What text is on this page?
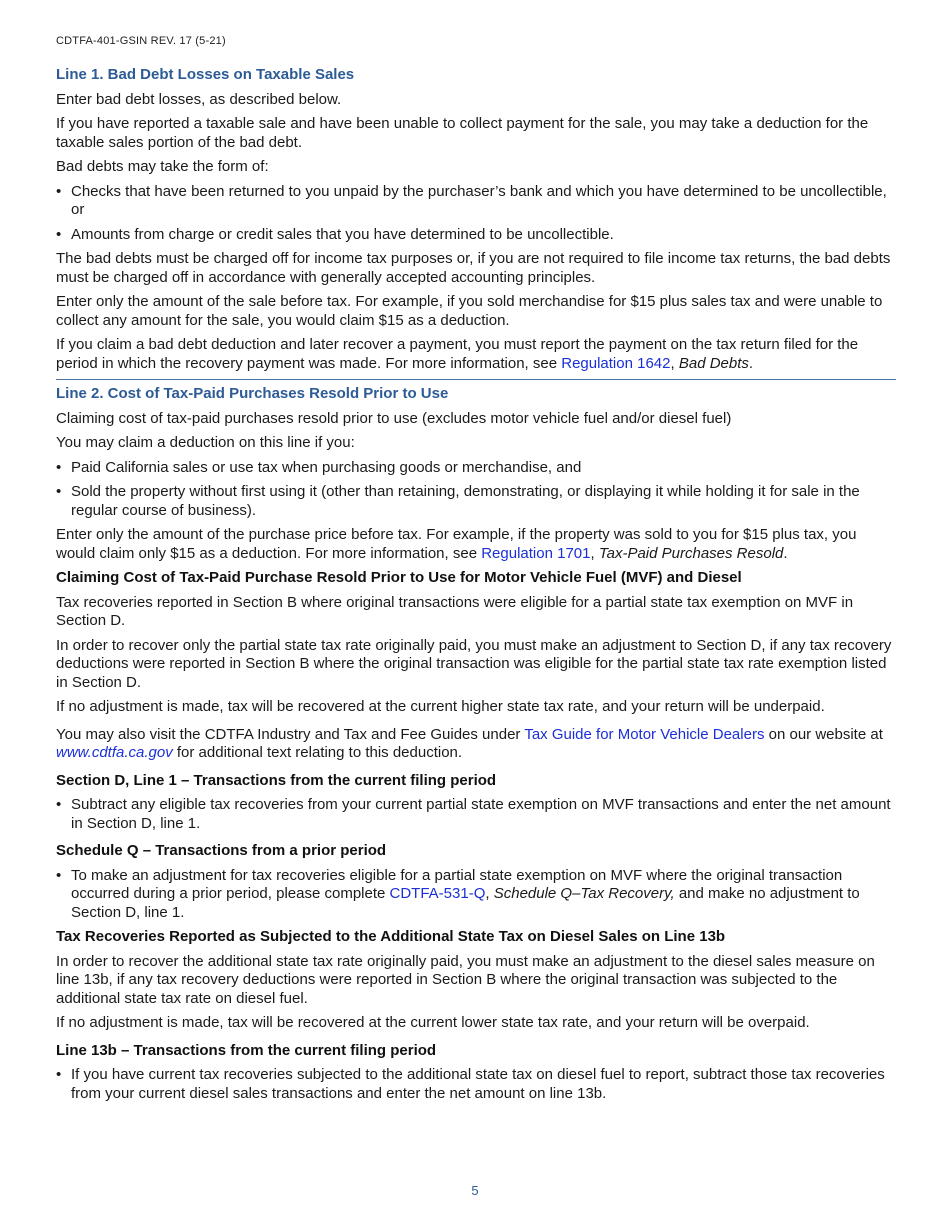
CDTFA-401-GSIN REV. 17 (5-21)
Line 1. Bad Debt Losses on Taxable Sales

Enter bad debt losses, as described below.

If you have reported a taxable sale and have been unable to collect payment for the sale, you may take a deduction for the taxable sales portion of the bad debt.

Bad debts may take the form of:

• Checks that have been returned to you unpaid by the purchaser’s bank and which you have determined to be uncollectible, or
• Amounts from charge or credit sales that you have determined to be uncollectible.

The bad debts must be charged off for income tax purposes or, if you are not required to file income tax returns, the bad debts must be charged off in accordance with generally accepted accounting principles.

Enter only the amount of the sale before tax. For example, if you sold merchandise for $15 plus sales tax and were unable to collect any amount for the sale, you would claim $15 as a deduction.

If you claim a bad debt deduction and later recover a payment, you must report the payment on the tax return filed for the period in which the recovery payment was made. For more information, see Regulation 1642, Bad Debts.

Line 2. Cost of Tax-Paid Purchases Resold Prior to Use

Claiming cost of tax-paid purchases resold prior to use (excludes motor vehicle fuel and/or diesel fuel)

You may claim a deduction on this line if you:

• Paid California sales or use tax when purchasing goods or merchandise, and
• Sold the property without first using it (other than retaining, demonstrating, or displaying it while holding it for sale in the regular course of business).

Enter only the amount of the purchase price before tax. For example, if the property was sold to you for $15 plus tax, you would claim only $15 as a deduction. For more information, see Regulation 1701, Tax-Paid Purchases Resold.

Claiming Cost of Tax-Paid Purchase Resold Prior to Use for Motor Vehicle Fuel (MVF) and Diesel

Tax recoveries reported in Section B where original transactions were eligible for a partial state tax exemption on MVF in Section D.

In order to recover only the partial state tax rate originally paid, you must make an adjustment to Section D, if any tax recovery deductions were reported in Section B where the original transaction was eligible for the partial state tax rate exemption listed in Section D.

If no adjustment is made, tax will be recovered at the current higher state tax rate, and your return will be underpaid.

You may also visit the CDTFA Industry and Tax and Fee Guides under Tax Guide for Motor Vehicle Dealers on our website at www.cdtfa.ca.gov for additional text relating to this deduction.

Section D, Line 1 – Transactions from the current filing period
• Subtract any eligible tax recoveries from your current partial state exemption on MVF transactions and enter the net amount in Section D, line 1.
Schedule Q – Transactions from a prior period
• To make an adjustment for tax recoveries eligible for a partial state exemption on MVF where the original transaction occurred during a prior period, please complete CDTFA-531-Q, Schedule Q–Tax Recovery, and make no adjustment to Section D, line 1.
Tax Recoveries Reported as Subjected to the Additional State Tax on Diesel Sales on Line 13b

In order to recover the additional state tax rate originally paid, you must make an adjustment to the diesel sales measure on line 13b, if any tax recovery deductions were reported in Section B where the original transaction was subjected to the additional state tax rate on diesel fuel.

If no adjustment is made, tax will be recovered at the current lower state tax rate, and your return will be overpaid.

Line 13b – Transactions from the current filing period
• If you have current tax recoveries subjected to the additional state tax on diesel fuel to report, subtract those tax recoveries from your current diesel sales transactions and enter the net amount on line 13b.
5
